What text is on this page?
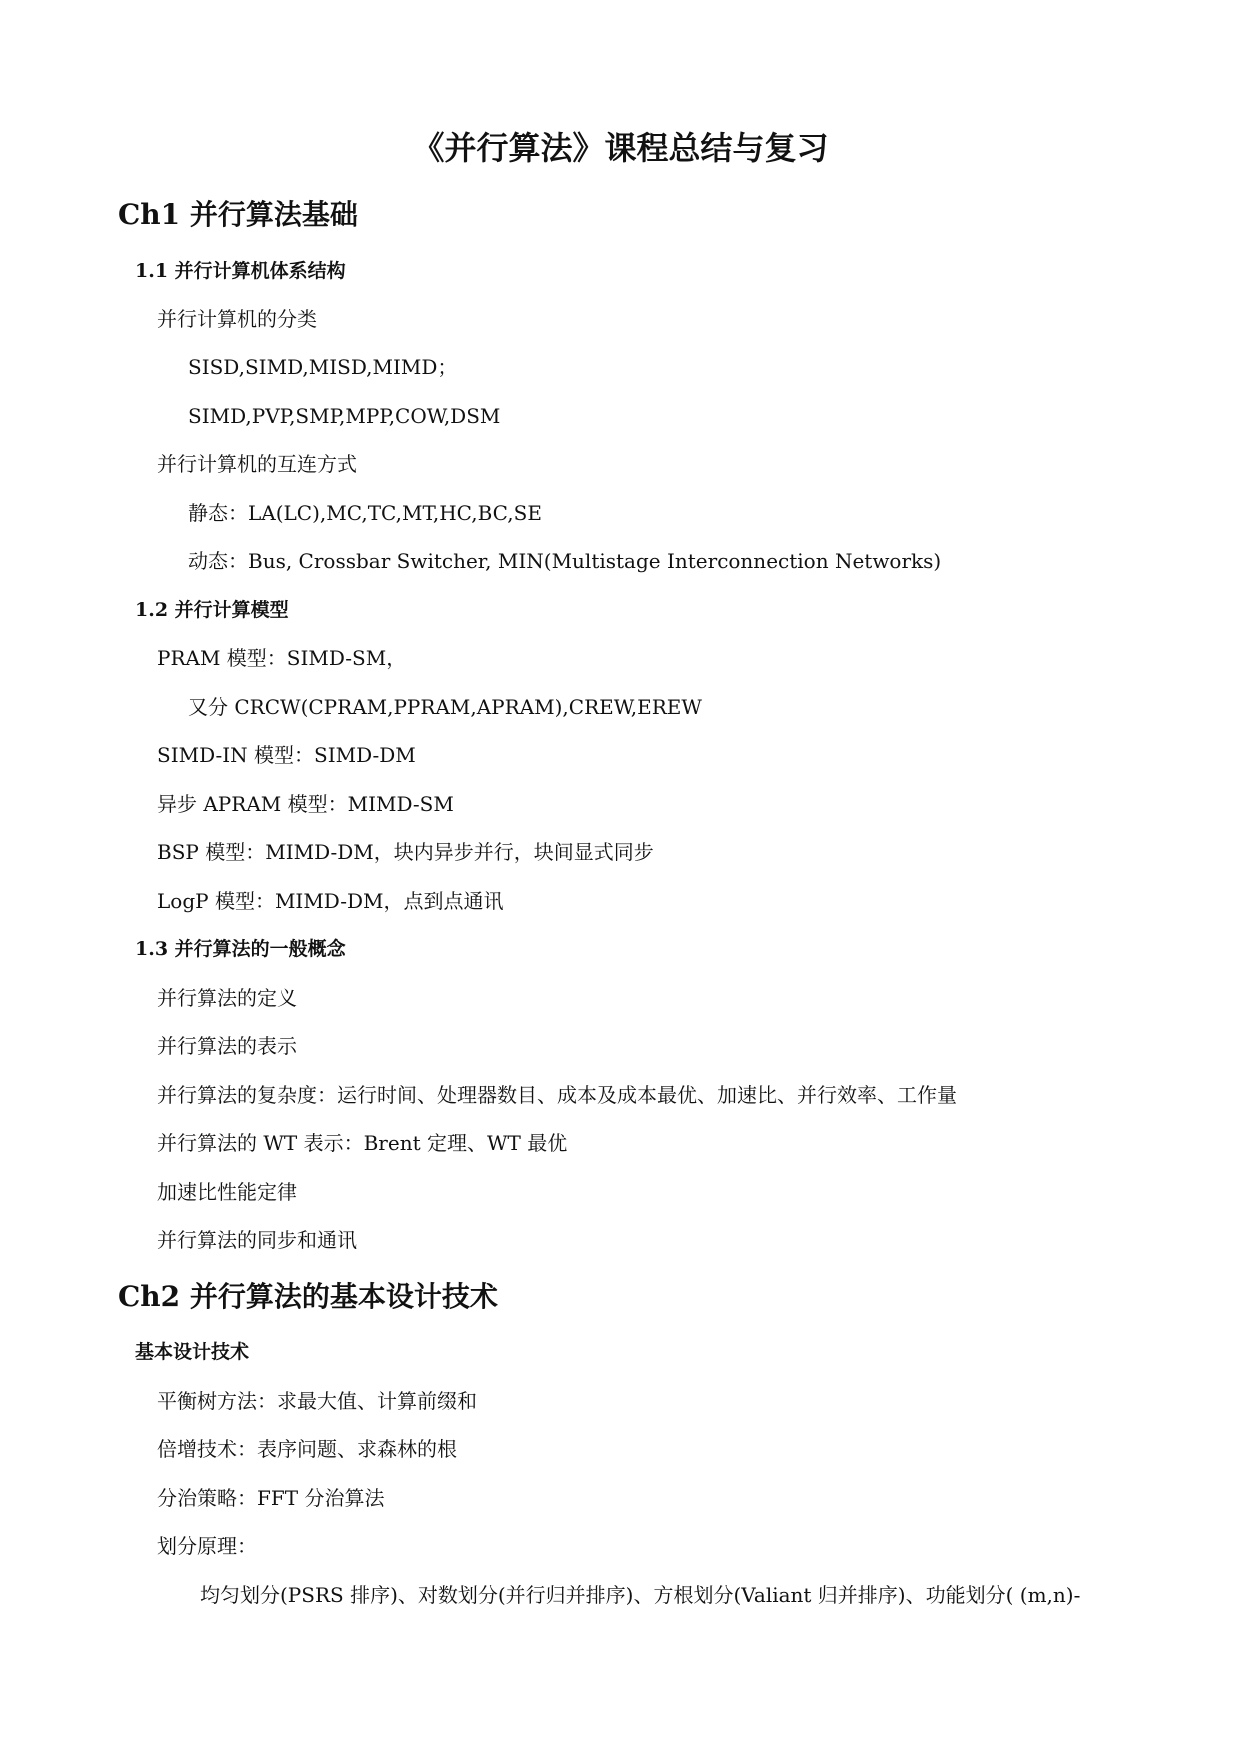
《并行算法》课程总结与复习
Ch1 并行算法基础
1.1 并行计算机体系结构
并行计算机的分类
SISD,SIMD,MISD,MIMD；
SIMD,PVP,SMP,MPP,COW,DSM
并行计算机的互连方式
静态：LA(LC),MC,TC,MT,HC,BC,SE
动态：Bus, Crossbar Switcher, MIN(Multistage Interconnection Networks)
1.2 并行计算模型
PRAM 模型：SIMD-SM，
又分 CRCW(CPRAM,PPRAM,APRAM),CREW,EREW
SIMD-IN 模型：SIMD-DM
异步 APRAM 模型：MIMD-SM
BSP 模型：MIMD-DM，块内异步并行，块间显式同步
LogP 模型：MIMD-DM，点到点通讯
1.3 并行算法的一般概念
并行算法的定义
并行算法的表示
并行算法的复杂度：运行时间、处理器数目、成本及成本最优、加速比、并行效率、工作量
并行算法的 WT 表示：Brent 定理、WT 最优
加速比性能定律
并行算法的同步和通讯
Ch2 并行算法的基本设计技术
基本设计技术
平衡树方法：求最大值、计算前缀和
倍增技术：表序问题、求森林的根
分治策略：FFT 分治算法
划分原理：
均匀划分(PSRS 排序)、对数划分(并行归并排序)、方根划分(Valiant 归并排序)、功能划分( (m,n)-
